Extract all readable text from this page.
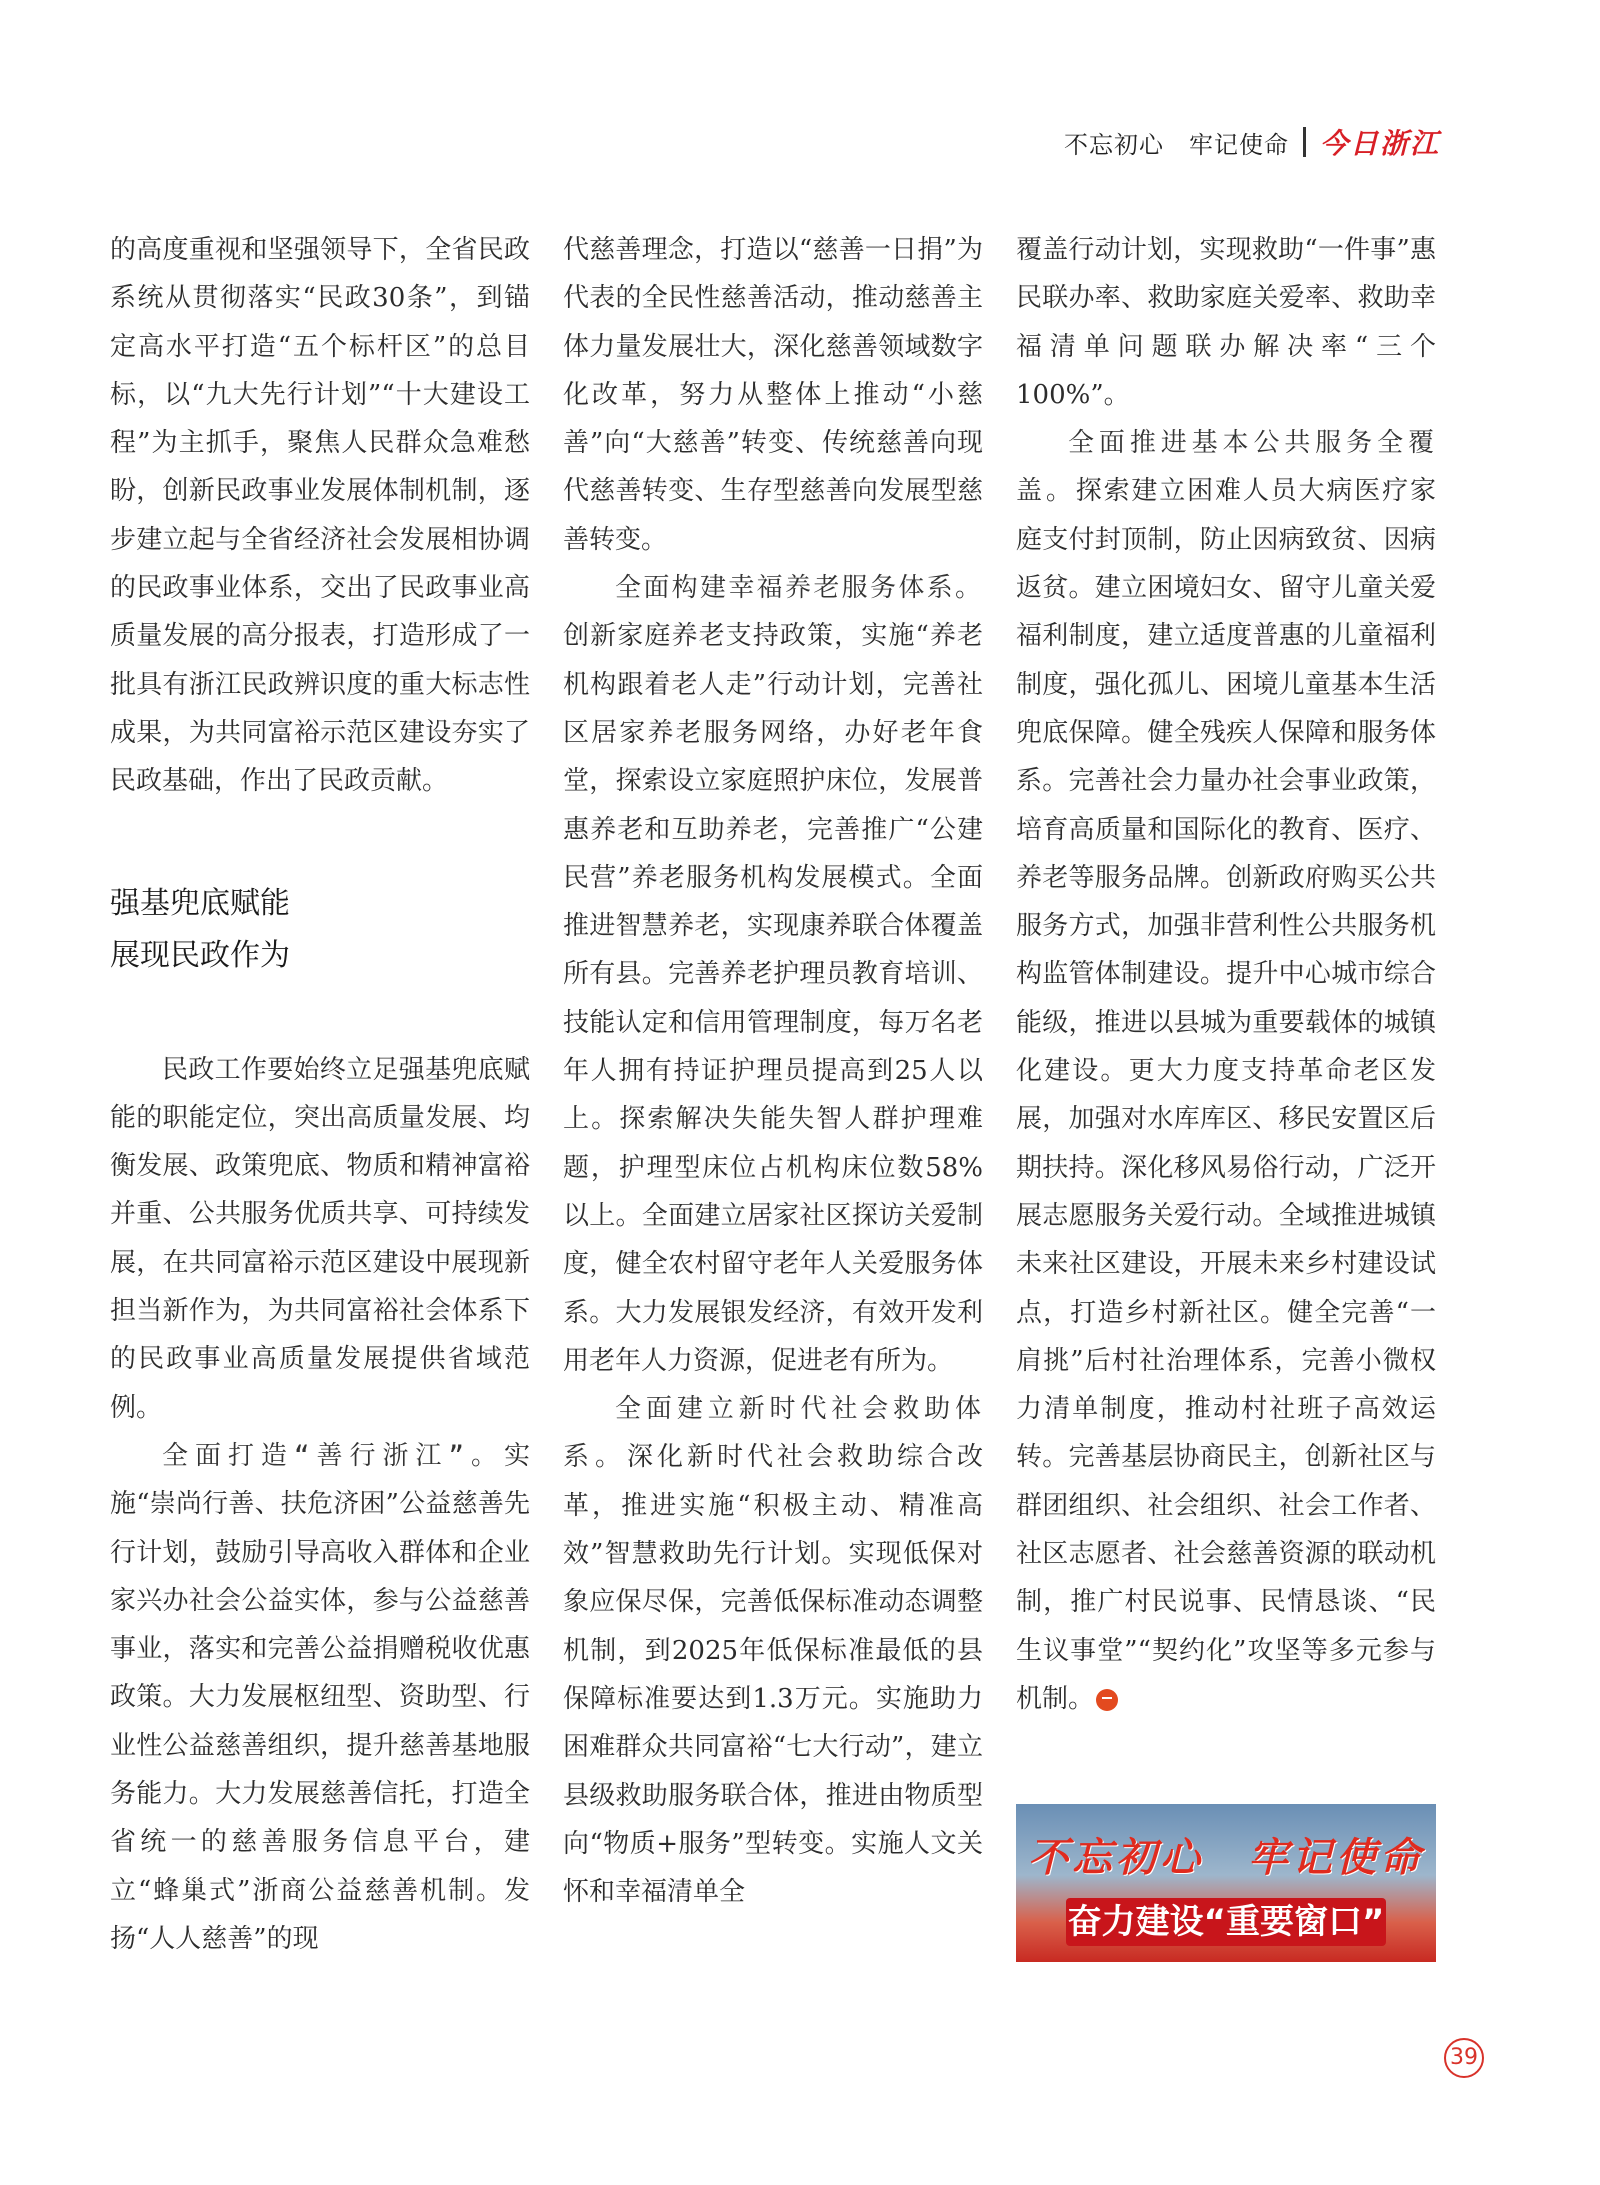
不忘初心　牢记使命 今日浙江

的高度重视和坚强领导下，全省民政系统从贯彻落实“民政30条”，到锚定高水平打造“五个标杆区”的总目标，以“九大先行计划”“十大建设工程”为主抓手，聚焦人民群众急难愁盼，创新民政事业发展体制机制，逐步建立起与全省经济社会发展相协调的民政事业体系，交出了民政事业高质量发展的高分报表，打造形成了一批具有浙江民政辨识度的重大标志性成果，为共同富裕示范区建设夯实了民政基础，作出了民政贡献。

强基兜底赋能
展现民政作为

民政工作要始终立足强基兜底赋能的职能定位，突出高质量发展、均衡发展、政策兜底、物质和精神富裕并重、公共服务优质共享、可持续发展，在共同富裕示范区建设中展现新担当新作为，为共同富裕社会体系下的民政事业高质量发展提供省域范例。

全面打造“善行浙江”。实施“崇尚行善、扶危济困”公益慈善先行计划，鼓励引导高收入群体和企业家兴办社会公益实体，参与公益慈善事业，落实和完善公益捐赠税收优惠政策。大力发展枢纽型、资助型、行业性公益慈善组织，提升慈善基地服务能力。大力发展慈善信托，打造全省统一的慈善服务信息平台，建立“蜂巢式”浙商公益慈善机制。发扬“人人慈善”的现

代慈善理念，打造以“慈善一日捐”为代表的全民性慈善活动，推动慈善主体力量发展壮大，深化慈善领域数字化改革，努力从整体上推动“小慈善”向“大慈善”转变、传统慈善向现代慈善转变、生存型慈善向发展型慈善转变。

全面构建幸福养老服务体系。创新家庭养老支持政策，实施“养老机构跟着老人走”行动计划，完善社区居家养老服务网络，办好老年食堂，探索设立家庭照护床位，发展普惠养老和互助养老，完善推广“公建民营”养老服务机构发展模式。全面推进智慧养老，实现康养联合体覆盖所有县。完善养老护理员教育培训、技能认定和信用管理制度，每万名老年人拥有持证护理员提高到25人以上。探索解决失能失智人群护理难题，护理型床位占机构床位数58%以上。全面建立居家社区探访关爱制度，健全农村留守老年人关爱服务体系。大力发展银发经济，有效开发利用老年人力资源，促进老有所为。

全面建立新时代社会救助体系。深化新时代社会救助综合改革，推进实施“积极主动、精准高效”智慧救助先行计划。实现低保对象应保尽保，完善低保标准动态调整机制，到2025年低保标准最低的县保障标准要达到1.3万元。实施助力困难群众共同富裕“七大行动”，建立县级救助服务联合体，推进由物质型向“物质+服务”型转变。实施人文关怀和幸福清单全

覆盖行动计划，实现救助“一件事”惠民联办率、救助家庭关爱率、救助幸福清单问题联办解决率“三个100%”。

全面推进基本公共服务全覆盖。探索建立困难人员大病医疗家庭支付封顶制，防止因病致贫、因病返贫。建立困境妇女、留守儿童关爱福利制度，建立适度普惠的儿童福利制度，强化孤儿、困境儿童基本生活兜底保障。健全残疾人保障和服务体系。完善社会力量办社会事业政策，培育高质量和国际化的教育、医疗、养老等服务品牌。创新政府购买公共服务方式，加强非营利性公共服务机构监管体制建设。提升中心城市综合能级，推进以县城为重要载体的城镇化建设。更大力度支持革命老区发展，加强对水库库区、移民安置区后期扶持。深化移风易俗行动，广泛开展志愿服务关爱行动。全域推进城镇未来社区建设，开展未来乡村建设试点，打造乡村新社区。健全完善“一肩挑”后村社治理体系，完善小微权力清单制度，推动村社班子高效运转。完善基层协商民主，创新社区与群团组织、社会组织、社会工作者、社区志愿者、社会慈善资源的联动机制，推广村民说事、民情恳谈、“民生议事堂”“契约化”攻坚等多元参与机制。

不忘初心　牢记使命
奋力建设“重要窗口”
39
